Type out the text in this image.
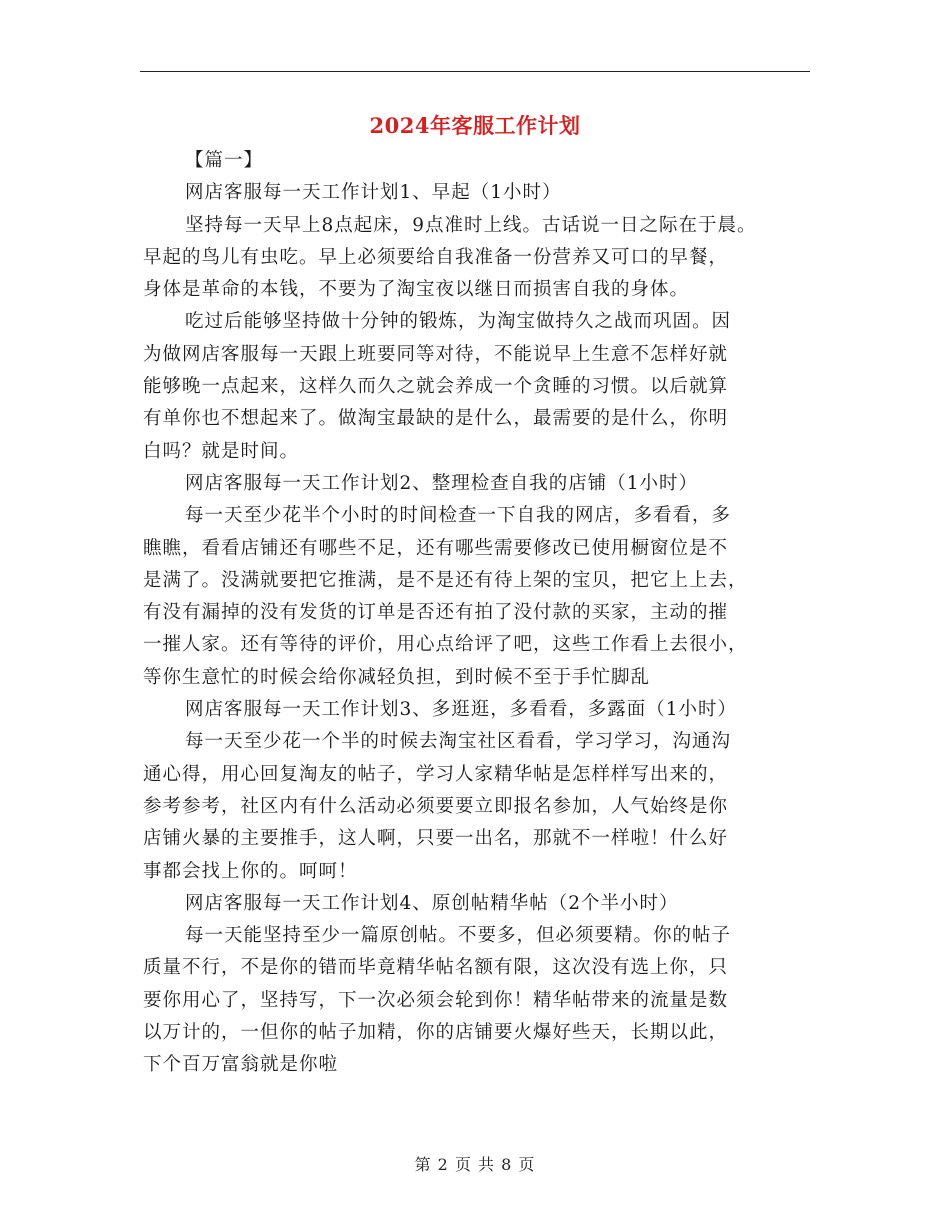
2024年客服工作计划
【篇一】
网店客服每一天工作计划1、早起（1小时）
坚持每一天早上8点起床，9点准时上线。古话说一日之际在于晨。
早起的鸟儿有虫吃。早上必须要给自我准备一份营养又可口的早餐，
身体是革命的本钱，不要为了淘宝夜以继日而损害自我的身体。
吃过后能够坚持做十分钟的锻炼，为淘宝做持久之战而巩固。因
为做网店客服每一天跟上班要同等对待，不能说早上生意不怎样好就
能够晚一点起来，这样久而久之就会养成一个贪睡的习惯。以后就算
有单你也不想起来了。做淘宝最缺的是什么，最需要的是什么，你明
白吗？就是时间。
网店客服每一天工作计划2、整理检查自我的店铺（1小时）
每一天至少花半个小时的时间检查一下自我的网店，多看看，多
瞧瞧，看看店铺还有哪些不足，还有哪些需要修改已使用橱窗位是不
是满了。没满就要把它推满，是不是还有待上架的宝贝，把它上上去，
有没有漏掉的没有发货的订单是否还有拍了没付款的买家，主动的摧
一摧人家。还有等待的评价，用心点给评了吧，这些工作看上去很小，
等你生意忙的时候会给你减轻负担，到时候不至于手忙脚乱
网店客服每一天工作计划3、多逛逛，多看看，多露面（1小时）
每一天至少花一个半的时候去淘宝社区看看，学习学习，沟通沟
通心得，用心回复淘友的帖子，学习人家精华帖是怎样样写出来的，
参考参考，社区内有什么活动必须要要立即报名参加，人气始终是你
店铺火暴的主要推手，这人啊，只要一出名，那就不一样啦！什么好
事都会找上你的。呵呵！
网店客服每一天工作计划4、原创帖精华帖（2个半小时）
每一天能坚持至少一篇原创帖。不要多，但必须要精。你的帖子
质量不行，不是你的错而毕竟精华帖名额有限，这次没有选上你，只
要你用心了，坚持写，下一次必须会轮到你！精华帖带来的流量是数
以万计的，一但你的帖子加精，你的店铺要火爆好些天，长期以此，
下个百万富翁就是你啦
第 2 页 共 8 页
